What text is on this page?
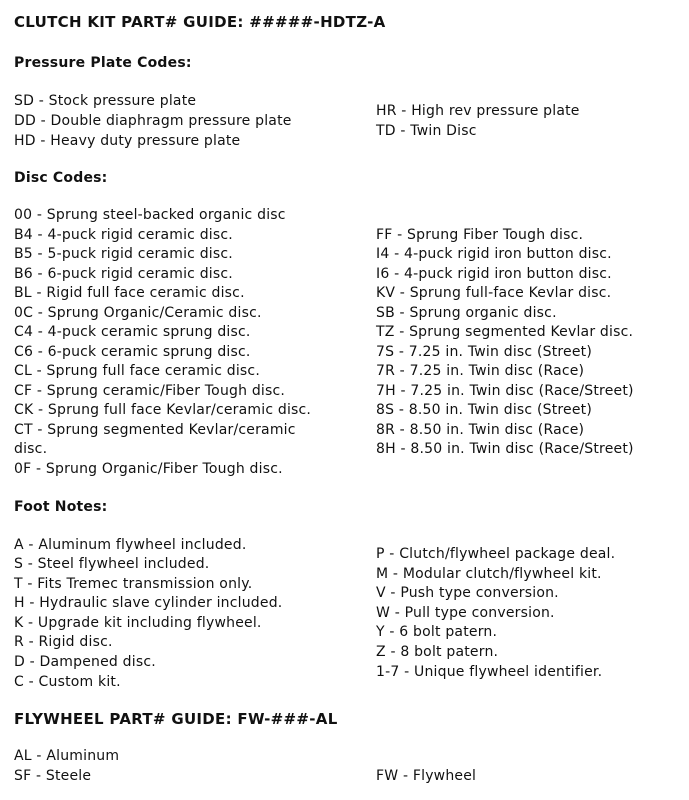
CLUTCH KIT PART# GUIDE: #####-HDTZ-A
Pressure Plate Codes:
SD - Stock pressure plate
DD - Double diaphragm pressure plate
HD - Heavy duty pressure plate
HR - High rev pressure plate
TD - Twin Disc
Disc Codes:
00 - Sprung steel-backed organic disc
B4 - 4-puck rigid ceramic disc.
B5 - 5-puck rigid ceramic disc.
B6 - 6-puck rigid ceramic disc.
BL - Rigid full face ceramic disc.
0C - Sprung Organic/Ceramic disc.
C4 - 4-puck ceramic sprung disc.
C6 - 6-puck ceramic sprung disc.
CL - Sprung full face ceramic disc.
CF - Sprung ceramic/Fiber Tough disc.
CK - Sprung full face Kevlar/ceramic disc.
CT - Sprung segmented Kevlar/ceramic
disc.
0F - Sprung Organic/Fiber Tough disc.
FF - Sprung Fiber Tough disc.
I4 - 4-puck rigid iron button disc.
I6 - 4-puck rigid iron button disc.
KV - Sprung full-face Kevlar disc.
SB - Sprung organic disc.
TZ - Sprung segmented Kevlar disc.
7S - 7.25 in. Twin disc (Street)
7R - 7.25 in. Twin disc (Race)
7H - 7.25 in. Twin disc (Race/Street)
8S - 8.50 in. Twin disc (Street)
8R - 8.50 in. Twin disc (Race)
8H - 8.50 in. Twin disc (Race/Street)
Foot Notes:
A - Aluminum flywheel included.
S - Steel flywheel included.
T - Fits Tremec transmission only.
H - Hydraulic slave cylinder included.
K - Upgrade kit including flywheel.
R - Rigid disc.
D - Dampened disc.
C - Custom kit.
P - Clutch/flywheel package deal.
M - Modular clutch/flywheel kit.
V - Push type conversion.
W - Pull type conversion.
Y - 6 bolt patern.
Z - 8 bolt patern.
1-7 - Unique flywheel identifier.
FLYWHEEL PART# GUIDE: FW-###-AL
AL - Aluminum
SF - Steele	FW - Flywheel
